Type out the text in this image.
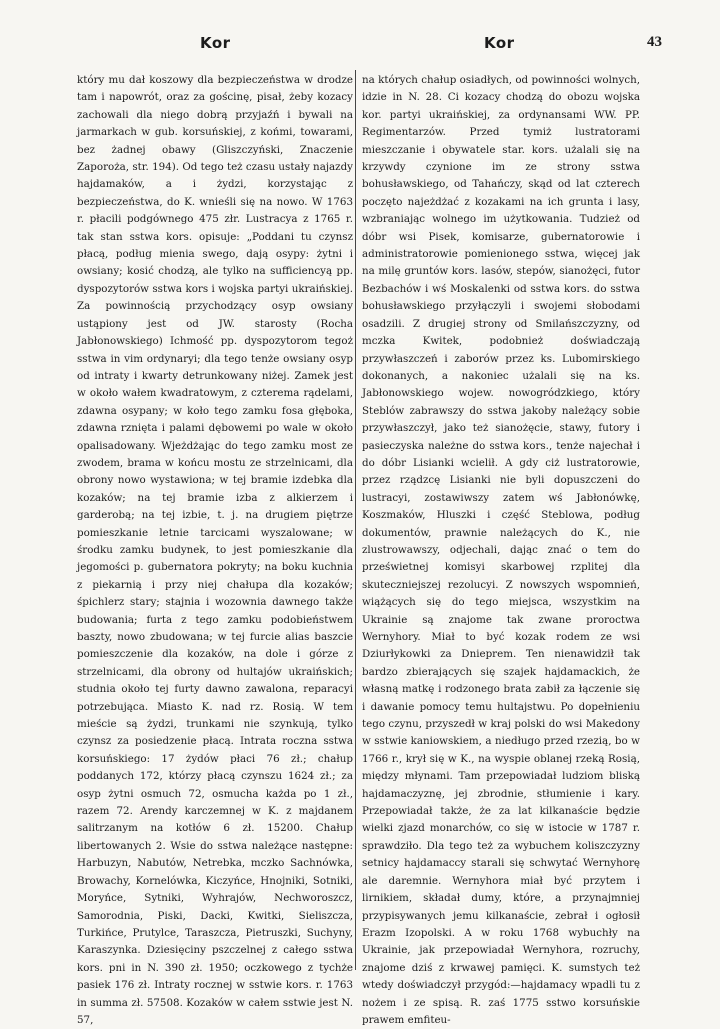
Kor	Kor	43
który mu dał koszowy dla bezpieczeństwa w drodze tam i napowrót, oraz za gościnę, pisał, żeby kozacy zachowali dla niego dobrą przyjaźń i bywali na jarmarkach w gub. korsuńskiej, z końmi, towarami, bez żadnej obawy (Gliszczyński, Znaczenie Zaporoża, str. 194). Od tego też czasu ustały najazdy hajdamaków, a i żydzi, korzystając z bezpieczeństwa, do K. wnieśli się na nowo. W 1763 r. płacili podgównego 475 złr. Lustracya z 1765 r. tak stan sstwa kors. opisuje: „Poddani tu czynsz płacą, podług mienia swego, dają osypy: żytni i owsiany; kosić chodzą, ale tylko na sufficiencyą pp. dyspozytorów sstwa kors i wojska partyi ukraińskiej. Za powinnością przychodzący osyp owsiany ustąpiony jest od JW. starosty (Rocha Jabłonowskiego) Ichmość pp. dyspozytorom tegoż sstwa in vim ordynaryi; dla tego tenże owsiany osyp od intraty i kwarty detrunkowany niżej. Zamek jest w około wałem kwadratowym, z czterema rądelami, zdawna osypany; w koło tego zamku fosa głęboka, zdawna rznięta i palami dębowemi po wale w około opalisadowany. Wjeżdżając do tego zamku most ze zwodem, brama w końcu mostu ze strzelnicami, dla obrony nowo wystawiona; w tej bramie izdebka dla kozaków; na tej bramie izba z alkierzem i garderobą; na tej izbie, t. j. na drugiem piętrze pomieszkanie letnie tarcicami wyszalowane; w środku zamku budynek, to jest pomieszkanie dla jegomości p. gubernatora pokryty; na boku kuchnia z piekarnią i przy niej chałupa dla kozaków; śpichlerz stary; stajnia i wozownia dawnego także budowania; furta z tego zamku podobieństwem baszty, nowo zbudowana; w tej furcie alias baszcie pomieszczenie dla kozaków, na dole i górze z strzelnicami, dla obrony od hultajów ukraińskich; studnia około tej furty dawno zawalona, reparacyi potrzebująca. Miasto K. nad rz. Rosią. W tem mieście są żydzi, trunkami nie szynkują, tylko czynsz za posiedzenie płacą. Intrata roczna sstwa korsuńskiego: 17 żydów płaci 76 zł.; chałup poddanych 172, którzy płacą czynszu 1624 zł.; za osyp żytni osmuch 72, osmucha każda po 1 zł., razem 72. Arendy karczemnej w K. z majdanem salitrzanym na kotłów 6 zł. 15200. Chałup libertowanych 2. Wsie do sstwa należące następne: Harbuzyn, Nabutów, Netrebka, mczko Sachnówka, Browachy, Kornelówka, Kiczyńce, Hnojniki, Sotniki, Moryńce, Sytniki, Wyhrajów, Nechworoszcz, Samorodnia, Piski, Dacki, Kwitki, Sieliszcza, Turkińce, Prutylce, Taraszcza, Pietruszki, Suchyny, Karaszynka. Dziesięciny pszczelnej z całego sstwa kors. pni in N. 390 zł. 1950; oczkowego z tychże pasiek 176 zł. Intraty rocznej w sstwie kors. r. 1763 in summa zł. 57508. Kozaków w całem sstwie jest N. 57,
na których chałup osiadłych, od powinności wolnych, idzie in N. 28. Ci kozacy chodzą do obozu wojska kor. partyi ukraińskiej, za ordynansami WW. PP. Regimentarzów. Przed tymiż lustratorami mieszczanie i obywatele star. kors. użalali się na krzywdy czynione im ze strony sstwa bohusławskiego, od Tahańczy, skąd od lat czterech poczęto najeżdżać z kozakami na ich grunta i lasy, wzbraniając wolnego im użytkowania. Tudzież od dóbr wsi Pisek, komisarze, gubernatorowie i administratorowie pomienionego sstwa, więcej jak na milę gruntów kors. lasów, stepów, sianożęci, futor Bezbachów i wś Moskalenki od sstwa kors. do sstwa bohusławskiego przyłączyli i swojemi słobodami osadzili. Z drugiej strony od Smilańszczyzny, od mczka Kwitek, podobnież doświadczają przywłaszczeń i zaborów przez ks. Lubomirskiego dokonanych, a nakoniec użalali się na ks. Jabłonowskiego wojew. nowogródzkiego, który Steblów zabrawszy do sstwa jakoby należący sobie przywłaszczył, jako też sianożęcie, stawy, futory i pasieczyska należne do sstwa kors., tenże najechał i do dóbr Lisianki wcielił. A gdy ciż lustratorowie, przez rządzcę Lisianki nie byli dopuszczeni do lustracyi, zostawiwszy zatem wś Jabłonówkę, Koszmaków, Hluszki i część Steblowa, podług dokumentów, prawnie należących do K., nie zlustrowawszy, odjechali, dając znać o tem do prześwietnej komisyi skarbowej rzplitej dla skuteczniejszej rezolucyi. Z nowszych wspomnień, wiążących się do tego miejsca, wszystkim na Ukrainie są znajome tak zwane proroctwa Wernyhory. Miał to być kozak rodem ze wsi Dziurłykowki za Dnieprem. Ten nienawidził tak bardzo zbierających się szajek hajdamackich, że własną matkę i rodzonego brata zabił za łączenie się i dawanie pomocy temu hultajstwu. Po dopełnieniu tego czynu, przyszedł w kraj polski do wsi Makedony w sstwie kaniowskiem, a niedługo przed rzezią, bo w 1766 r., krył się w K., na wyspie oblanej rzeką Rosią, między młynami. Tam przepowiadał ludziom bliską hajdamaczyznę, jej zbrodnie, stłumienie i kary. Przepowiadał także, że za lat kilkanaście będzie wielki zjazd monarchów, co się w istocie w 1787 r. sprawdziło. Dla tego też za wybuchem koliszczyzny setnicy hajdamaccy starali się schwytać Wernyhorę ale daremnie. Wernyhora miał być przytem i lirnikiem, składał dumy, które, a przynajmniej przypisywanych jemu kilkanaście, zebrał i ogłosił Erazm Izopolski. A w roku 1768 wybuchły na Ukrainie, jak przepowiadał Wernyhora, rozruchy, znajome dziś z krwawej pamięci. K. sumstych też wtedy doświadczył przygód:—hajdamacy wpadli tu z nożem i ze spisą. R. zaś 1775 sstwo korsuńskie prawem emfiteu-
